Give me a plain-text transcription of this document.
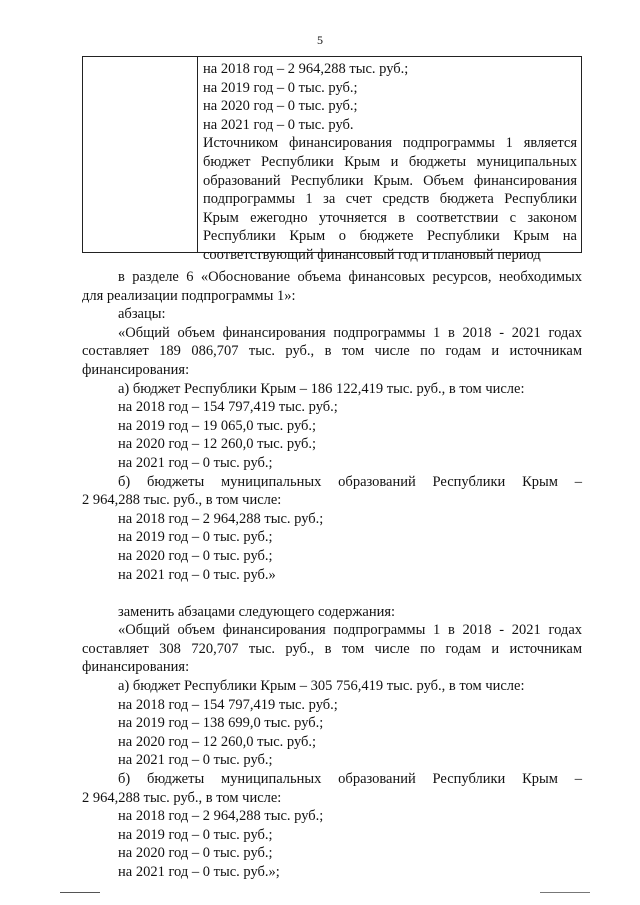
5
на 2018 год – 2 964,288 тыс. руб.;
на 2019 год – 0 тыс. руб.;
на 2020 год – 0 тыс. руб.;
на 2021 год – 0 тыс. руб.
Источником финансирования подпрограммы 1 является
бюджет Республики Крым и бюджеты муниципальных
образований Республики Крым. Объем финансирования
подпрограммы 1 за счет средств бюджета Республики
Крым ежегодно уточняется в соответствии с законом
Республики Крым о бюджете Республики Крым на
соответствующий финансовый год и плановый период
в разделе 6 «Обоснование объема финансовых ресурсов, необходимых
для реализации подпрограммы 1»:
абзацы:
«Общий объем финансирования подпрограммы 1 в 2018 - 2021 годах
составляет 189 086,707 тыс. руб., в том числе по годам и источникам
финансирования:
а) бюджет Республики Крым – 186 122,419 тыс. руб., в том числе:
на 2018 год – 154 797,419 тыс. руб.;
на 2019 год – 19 065,0 тыс. руб.;
на 2020 год – 12 260,0 тыс. руб.;
на 2021 год – 0 тыс. руб.;
б) бюджеты муниципальных образований Республики Крым –
2 964,288 тыс. руб., в том числе:
на 2018 год – 2 964,288 тыс. руб.;
на 2019 год – 0 тыс. руб.;
на 2020 год – 0 тыс. руб.;
на 2021 год – 0 тыс. руб.»
заменить абзацами следующего содержания:
«Общий объем финансирования подпрограммы 1 в 2018 - 2021 годах
составляет 308 720,707 тыс. руб., в том числе по годам и источникам
финансирования:
а) бюджет Республики Крым – 305 756,419 тыс. руб., в том числе:
на 2018 год – 154 797,419 тыс. руб.;
на 2019 год – 138 699,0 тыс. руб.;
на 2020 год – 12 260,0 тыс. руб.;
на 2021 год – 0 тыс. руб.;
б) бюджеты муниципальных образований Республики Крым –
2 964,288 тыс. руб., в том числе:
на 2018 год – 2 964,288 тыс. руб.;
на 2019 год – 0 тыс. руб.;
на 2020 год – 0 тыс. руб.;
на 2021 год – 0 тыс. руб.»;
